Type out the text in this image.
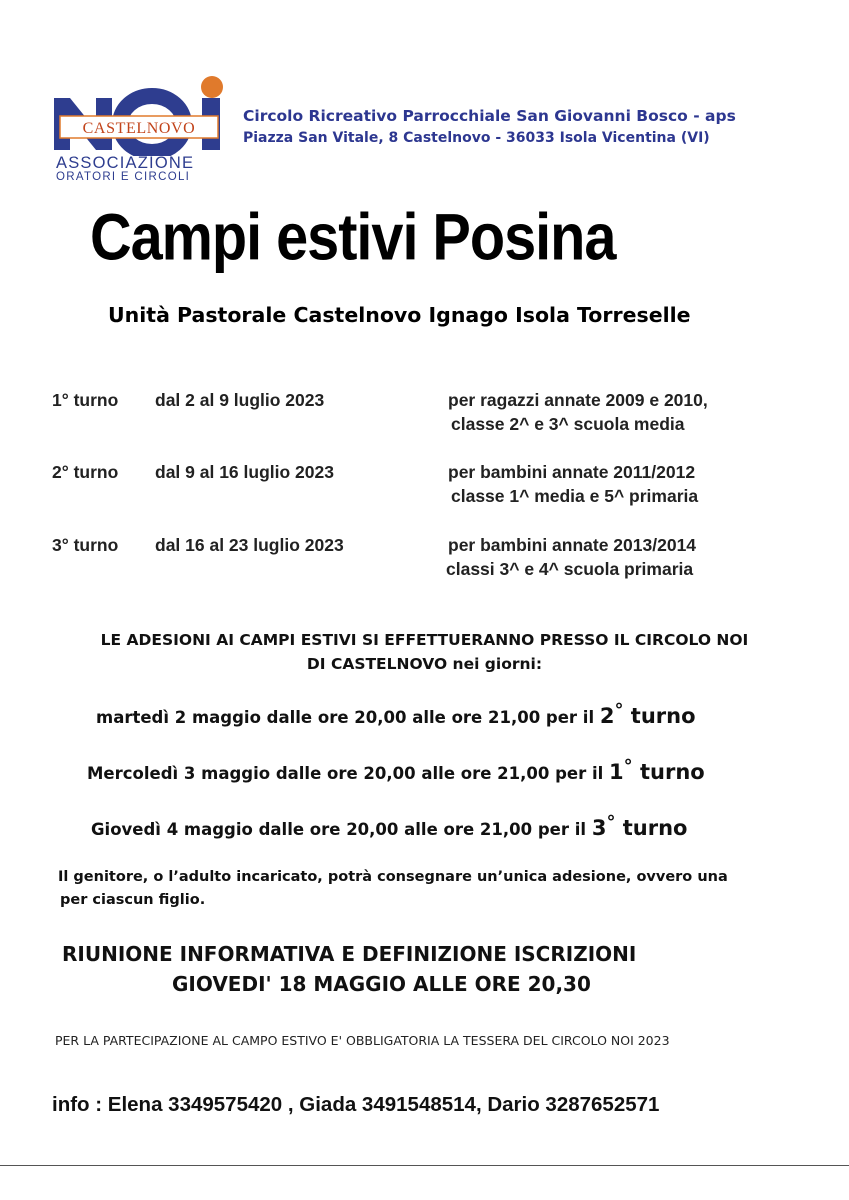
CASTELNOVO
ASSOCIAZIONE
ORATORI E CIRCOLI
Circolo Ricreativo Parrocchiale San Giovanni Bosco - aps
Piazza San Vitale, 8 Castelnovo - 36033 Isola Vicentina (VI)
Campi estivi Posina
Unità Pastorale Castelnovo Ignago Isola Torreselle
1° turno dal 2 al 9 luglio 2023	per ragazzi annate 2009 e 2010,
classe 2^ e 3^ scuola media
2° turno dal 9 al 16 luglio 2023	per bambini annate 2011/2012
classe 1^ media e 5^ primaria
3° turno dal 16 al 23 luglio 2023	per bambini annate 2013/2014
classi 3^ e 4^ scuola primaria
LE ADESIONI AI CAMPI ESTIVI SI EFFETTUERANNO PRESSO IL CIRCOLO NOI
DI CASTELNOVO nei giorni:
martedì 2 maggio dalle ore 20,00 alle ore 21,00 per il 2° turno
Mercoledì 3 maggio dalle ore 20,00 alle ore 21,00 per il 1° turno
Giovedì 4 maggio dalle ore 20,00 alle ore 21,00 per il 3° turno
Il genitore, o l’adulto incaricato, potrà consegnare un’unica adesione, ovvero una
per ciascun figlio.
RIUNIONE INFORMATIVA E DEFINIZIONE ISCRIZIONI
GIOVEDI' 18 MAGGIO ALLE ORE 20,30
PER LA PARTECIPAZIONE AL CAMPO ESTIVO E' OBBLIGATORIA LA TESSERA DEL CIRCOLO NOI 2023
info : Elena 3349575420 , Giada 3491548514, Dario 3287652571
